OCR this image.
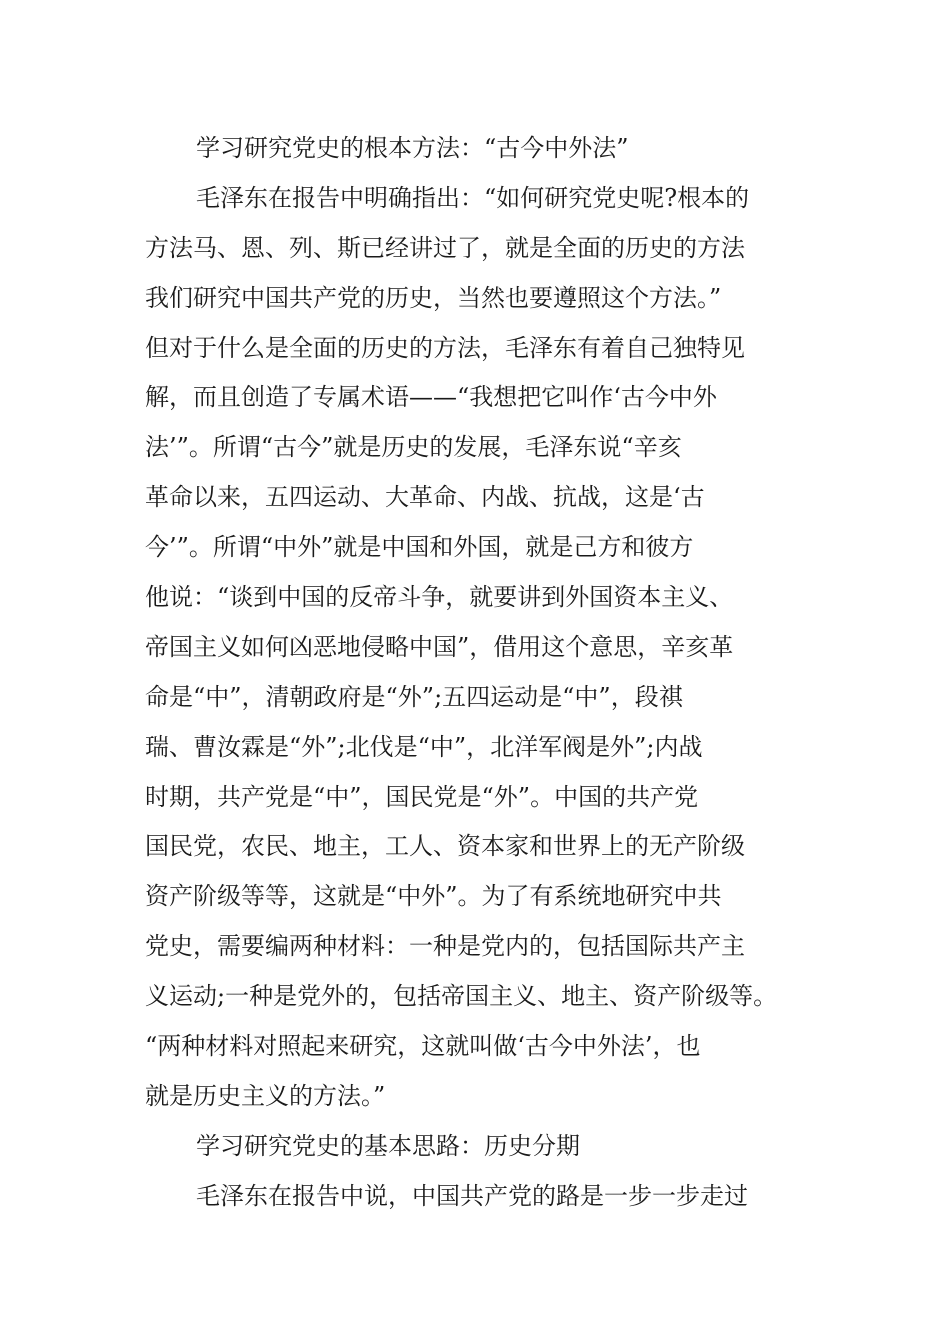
学习研究党史的根本方法：“古今中外法”
毛泽东在报告中明确指出：“如何研究党史呢?根本的
方法马、恩、列、斯已经讲过了，就是全面的历史的方法
我们研究中国共产党的历史，当然也要遵照这个方法。”
但对于什么是全面的历史的方法，毛泽东有着自己独特见
解，而且创造了专属术语——“我想把它叫作‘古今中外
法’”。所谓“古今”就是历史的发展，毛泽东说“辛亥
革命以来，五四运动、大革命、内战、抗战，这是‘古
今’”。所谓“中外”就是中国和外国，就是己方和彼方
他说：“谈到中国的反帝斗争，就要讲到外国资本主义、
帝国主义如何凶恶地侵略中国”，借用这个意思，辛亥革
命是“中”，清朝政府是“外”;五四运动是“中”，段祺
瑞、曹汝霖是“外”;北伐是“中”，北洋军阀是外”;内战
时期，共产党是“中”，国民党是“外”。中国的共产党
国民党，农民、地主，工人、资本家和世界上的无产阶级
资产阶级等等，这就是“中外”。为了有系统地研究中共
党史，需要编两种材料：一种是党内的，包括国际共产主
义运动;一种是党外的，包括帝国主义、地主、资产阶级等。
“两种材料对照起来研究，这就叫做‘古今中外法’，也
就是历史主义的方法。”
学习研究党史的基本思路：历史分期
毛泽东在报告中说，中国共产党的路是一步一步走过
